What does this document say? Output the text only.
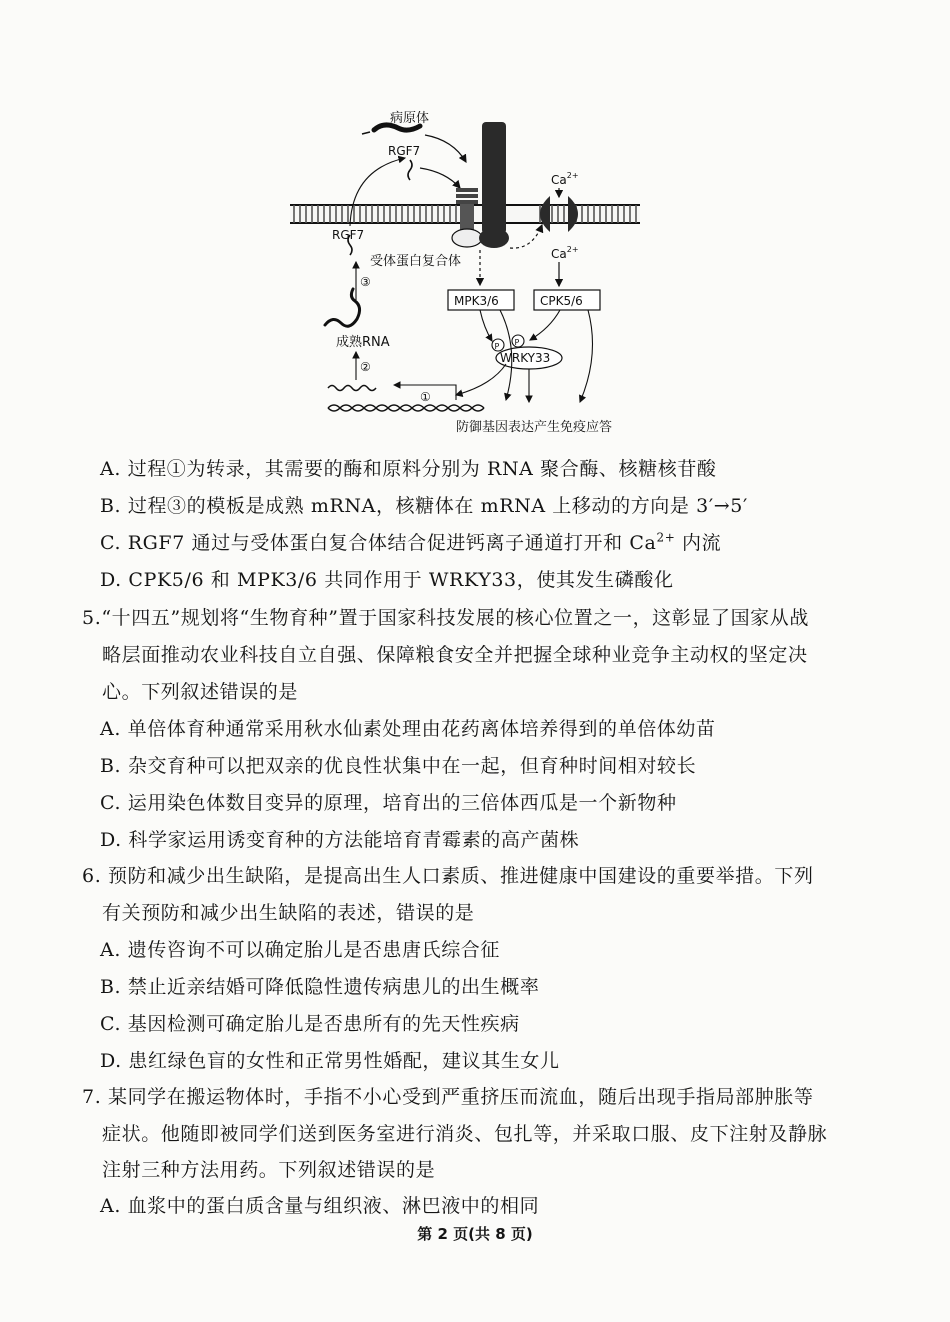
病原体
RGF7
受体蛋白复合体
$Ca^{2+}$
$Ca^{2+}$
MPK3/6	CPK5/6
WRKY33
P P
①
成熟RNA
②
③
RGF7
防御基因表达产生免疫应答
A. 过程①为转录，其需要的酶和原料分别为 RNA 聚合酶、核糖核苷酸
B. 过程③的模板是成熟 mRNA，核糖体在 mRNA 上移动的方向是 3′→5′
C. RGF7 通过与受体蛋白复合体结合促进钙离子通道打开和 $Ca^{2+}$ 内流
D. CPK5/6 和 MPK3/6 共同作用于 WRKY33，使其发生磷酸化
5.“十四五”规划将“生物育种”置于国家科技发展的核心位置之一，这彰显了国家从战
略层面推动农业科技自立自强、保障粮食安全并把握全球种业竞争主动权的坚定决
心。下列叙述错误的是
A. 单倍体育种通常采用秋水仙素处理由花药离体培养得到的单倍体幼苗
B. 杂交育种可以把双亲的优良性状集中在一起，但育种时间相对较长
C. 运用染色体数目变异的原理，培育出的三倍体西瓜是一个新物种
D. 科学家运用诱变育种的方法能培育青霉素的高产菌株
6. 预防和减少出生缺陷，是提高出生人口素质、推进健康中国建设的重要举措。下列
有关预防和减少出生缺陷的表述，错误的是
A. 遗传咨询不可以确定胎儿是否患唐氏综合征
B. 禁止近亲结婚可降低隐性遗传病患儿的出生概率
C. 基因检测可确定胎儿是否患所有的先天性疾病
D. 患红绿色盲的女性和正常男性婚配，建议其生女儿
7. 某同学在搬运物体时，手指不小心受到严重挤压而流血，随后出现手指局部肿胀等
症状。他随即被同学们送到医务室进行消炎、包扎等，并采取口服、皮下注射及静脉
注射三种方法用药。下列叙述错误的是
A. 血浆中的蛋白质含量与组织液、淋巴液中的相同
第 2 页(共 8 页)
